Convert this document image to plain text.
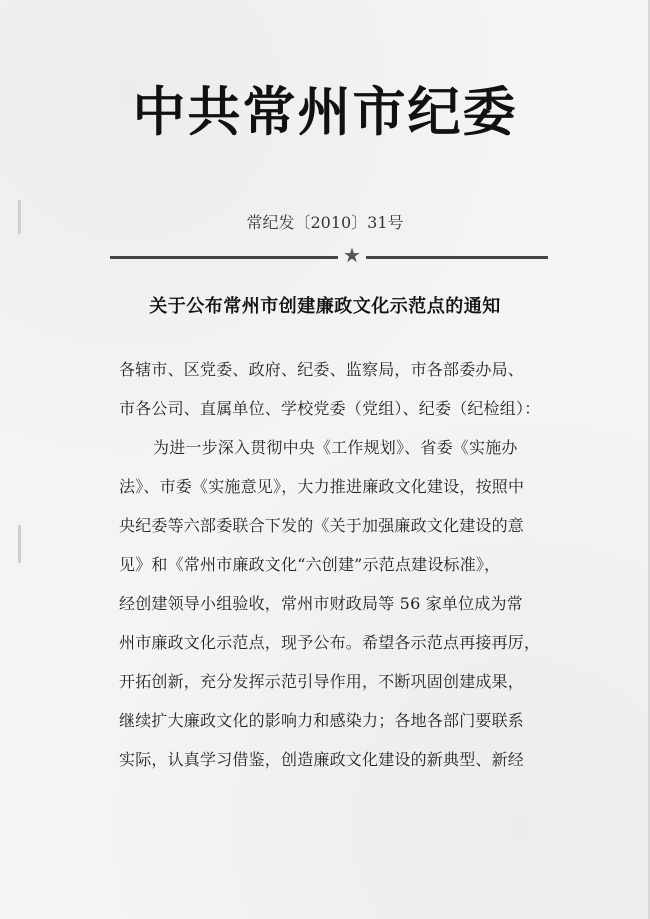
中共常州市纪委
常纪发〔2010〕31号
★
关于公布常州市创建廉政文化示范点的通知
各辖市、区党委、政府、纪委、监察局，市各部委办局、
市各公司、直属单位、学校党委（党组）、纪委（纪检组）：
为进一步深入贯彻中央《工作规划》、省委《实施办
法》、市委《实施意见》，大力推进廉政文化建设，按照中
央纪委等六部委联合下发的《关于加强廉政文化建设的意
见》和《常州市廉政文化“六创建”示范点建设标准》，
经创建领导小组验收，常州市财政局等 56 家单位成为常
州市廉政文化示范点，现予公布。希望各示范点再接再厉，
开拓创新，充分发挥示范引导作用，不断巩固创建成果，
继续扩大廉政文化的影响力和感染力；各地各部门要联系
实际，认真学习借鉴，创造廉政文化建设的新典型、新经
